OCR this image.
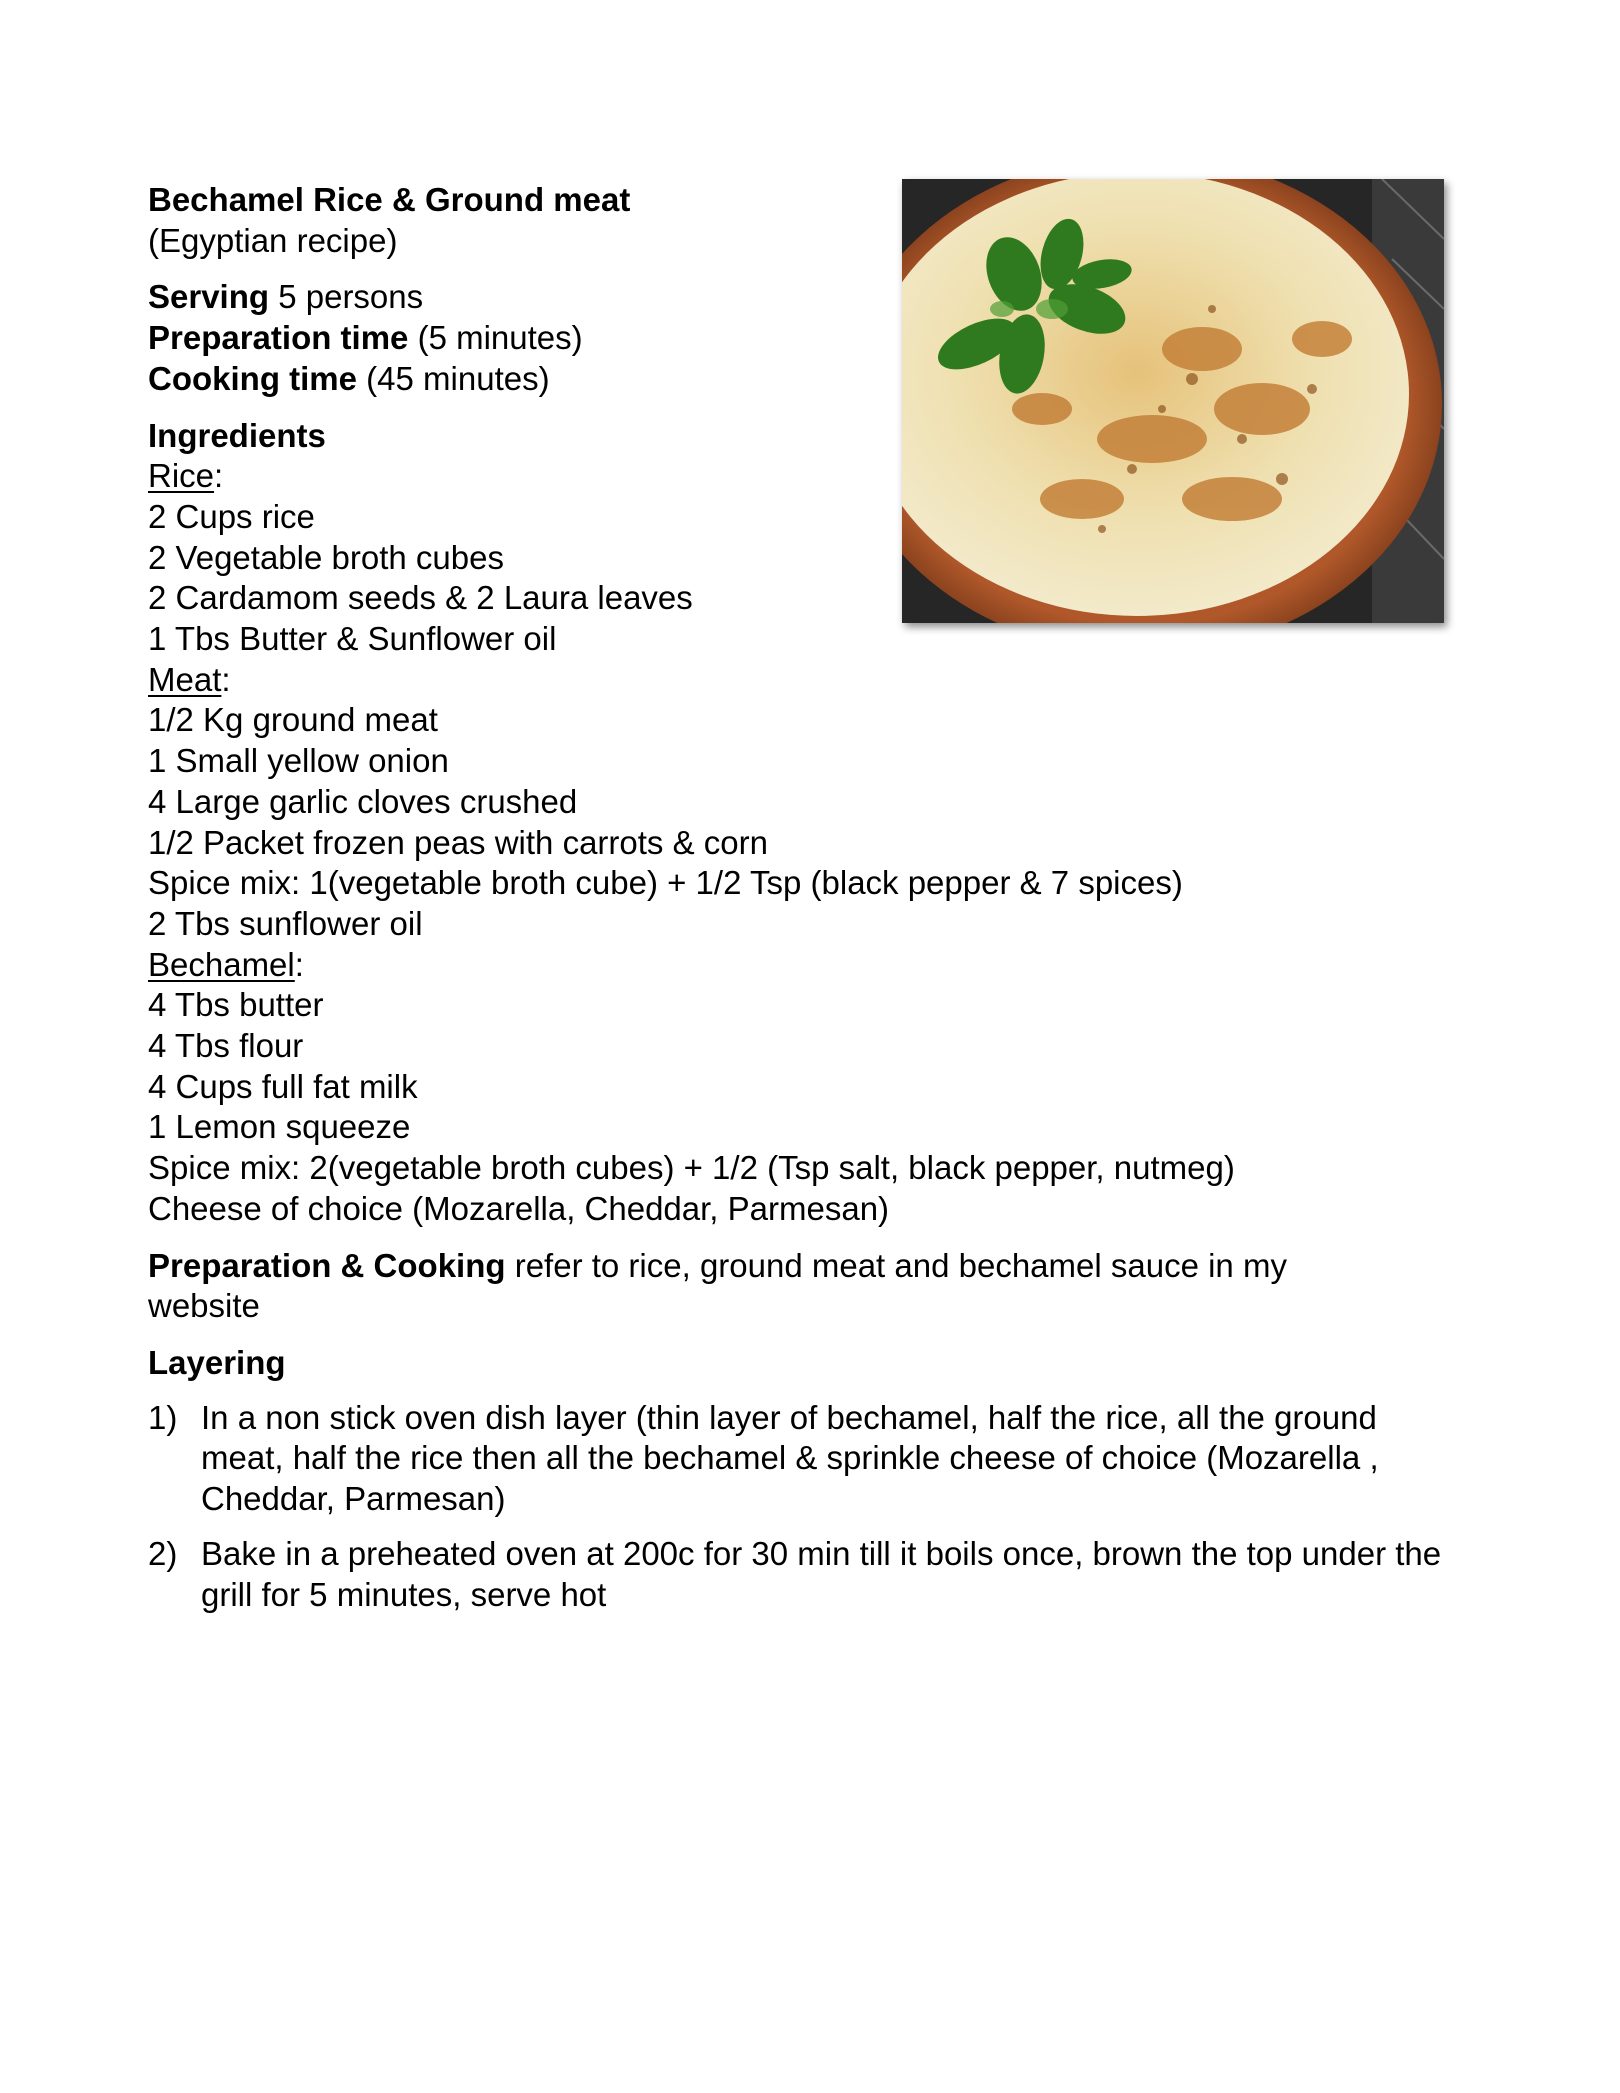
Bechamel Rice & Ground meat
(Egyptian recipe)
Serving 5 persons
Preparation time (5 minutes)
Cooking time (45 minutes)
Ingredients
Rice:
2 Cups rice
2 Vegetable broth cubes
2 Cardamom seeds & 2 Laura leaves
1 Tbs Butter & Sunflower oil
Meat:
1/2 Kg ground meat
1 Small yellow onion
4 Large garlic cloves crushed
1/2 Packet frozen peas with carrots & corn
Spice mix: 1(vegetable broth cube) + 1/2 Tsp (black pepper & 7 spices)
2 Tbs sunflower oil
Bechamel:
4 Tbs butter
4 Tbs flour
4 Cups full fat milk
1 Lemon squeeze
Spice mix: 2(vegetable broth cubes) + 1/2 (Tsp salt, black pepper, nutmeg)
Cheese of choice (Mozarella, Cheddar, Parmesan)
Preparation & Cooking refer to rice, ground meat and bechamel sauce in my website
Layering
1) In a non stick oven dish layer (thin layer of bechamel, half the rice, all the ground meat, half the rice then all the bechamel & sprinkle cheese of choice (Mozarella , Cheddar, Parmesan)
2) Bake in a preheated oven at 200c for 30 min till it boils once, brown the top under the grill for 5 minutes, serve hot
